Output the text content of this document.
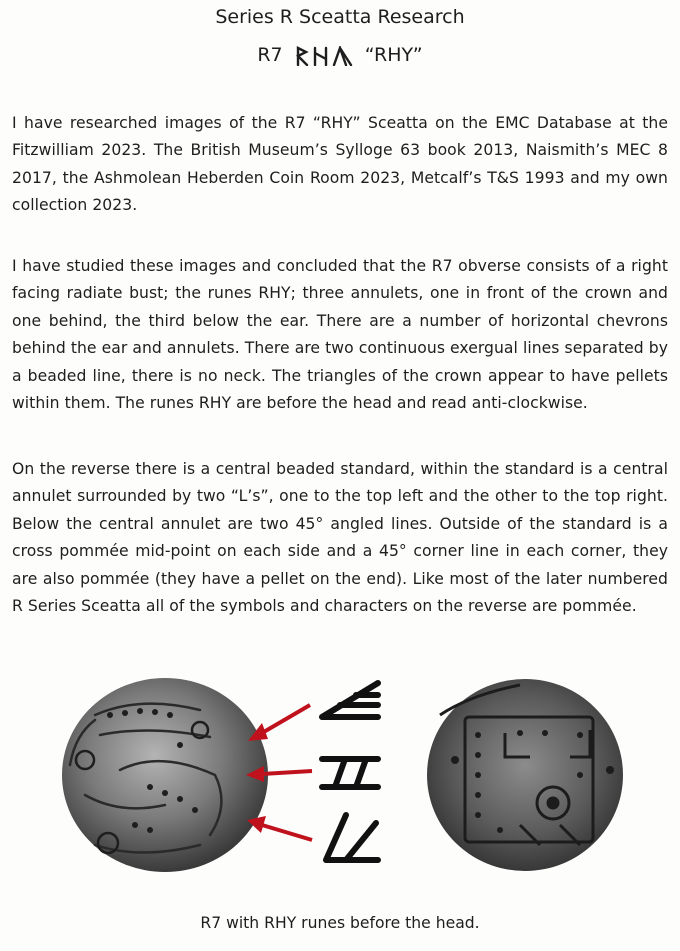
Series R Sceatta Research
R7	“RHY”

I have researched images of the R7 “RHY” Sceatta on the EMC Database at the Fitzwilliam 2023. The British Museum’s Sylloge 63 book 2013, Naismith’s MEC 8 2017, the Ashmolean Heberden Coin Room 2023, Metcalf’s T&S 1993 and my own collection 2023.

I have studied these images and concluded that the R7 obverse consists of a right facing radiate bust; the runes RHY; three annulets, one in front of the crown and one behind, the third below the ear. There are a number of horizontal chevrons behind the ear and annulets. There are two continuous exergual lines separated by a beaded line, there is no neck. The triangles of the crown appear to have pellets within them. The runes RHY are before the head and read anti-clockwise.

On the reverse there is a central beaded standard, within the standard is a central annulet surrounded by two “L’s”, one to the top left and the other to the top right. Below the central annulet are two 45° angled lines. Outside of the standard is a cross pommée mid-point on each side and a 45° corner line in each corner, they are also pommée (they have a pellet on the end). Like most of the later numbered R Series Sceatta all of the symbols and characters on the reverse are pommée.

R7 with RHY runes before the head.
